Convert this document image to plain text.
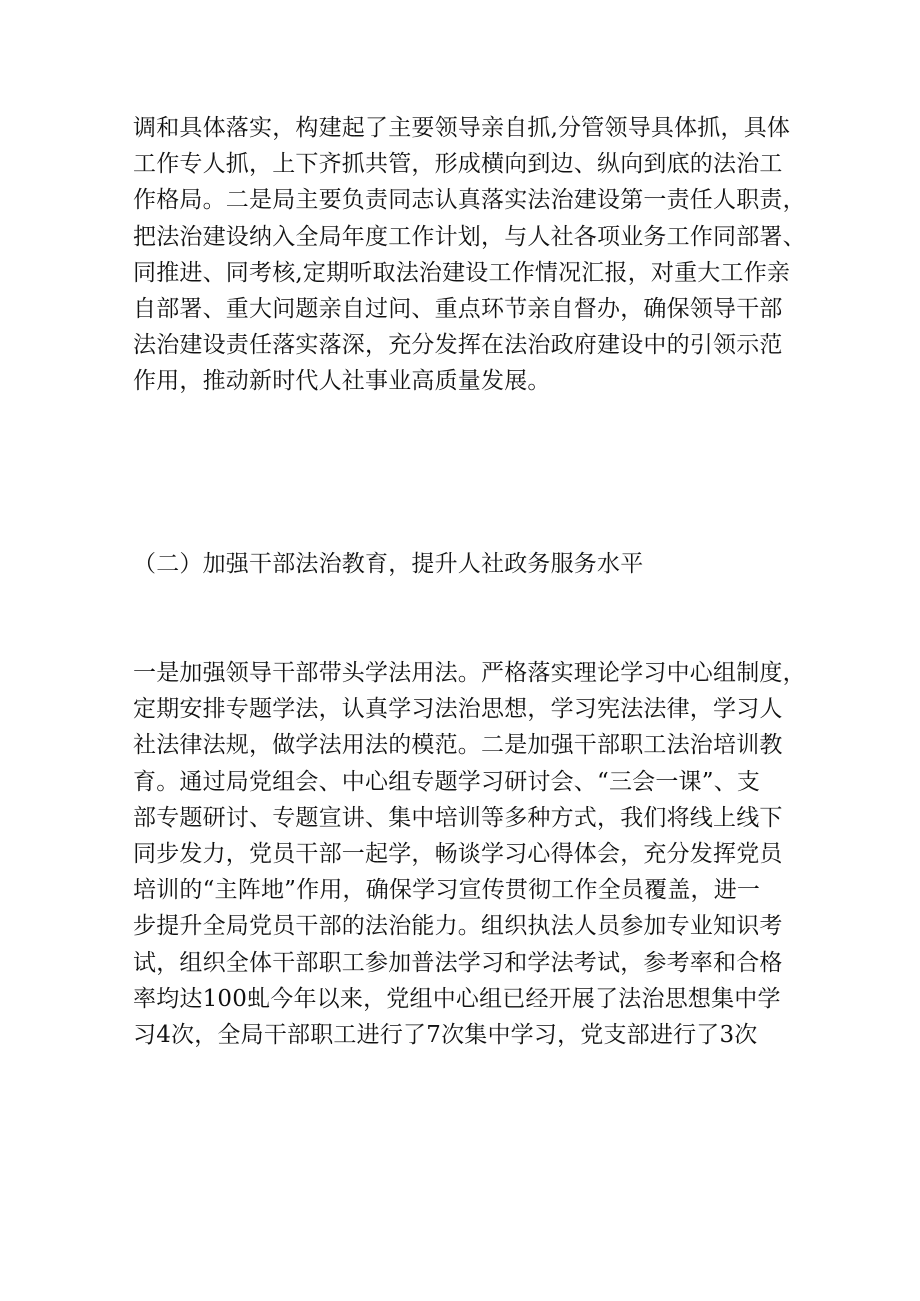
调和具体落实，构建起了主要领导亲自抓,分管领导具体抓，具体
工作专人抓，上下齐抓共管，形成横向到边、纵向到底的法治工
作格局。二是局主要负责同志认真落实法治建设第一责任人职责，
把法治建设纳入全局年度工作计划，与人社各项业务工作同部署、
同推进、同考核,定期听取法治建设工作情况汇报，对重大工作亲
自部署、重大问题亲自过问、重点环节亲自督办，确保领导干部
法治建设责任落实落深，充分发挥在法治政府建设中的引领示范
作用，推动新时代人社事业高质量发展。
（二）加强干部法治教育，提升人社政务服务水平
一是加强领导干部带头学法用法。严格落实理论学习中心组制度，
定期安排专题学法，认真学习法治思想，学习宪法法律，学习人
社法律法规，做学法用法的模范。二是加强干部职工法治培训教
育。通过局党组会、中心组专题学习研讨会、“三会一课”、支
部专题研讨、专题宣讲、集中培训等多种方式，我们将线上线下
同步发力，党员干部一起学，畅谈学习心得体会，充分发挥党员
培训的“主阵地”作用，确保学习宣传贯彻工作全员覆盖，进一
步提升全局党员干部的法治能力。组织执法人员参加专业知识考
试，组织全体干部职工参加普法学习和学法考试，参考率和合格
率均达100虬今年以来，党组中心组已经开展了法治思想集中学
习4次，全局干部职工进行了7次集中学习，党支部进行了3次
